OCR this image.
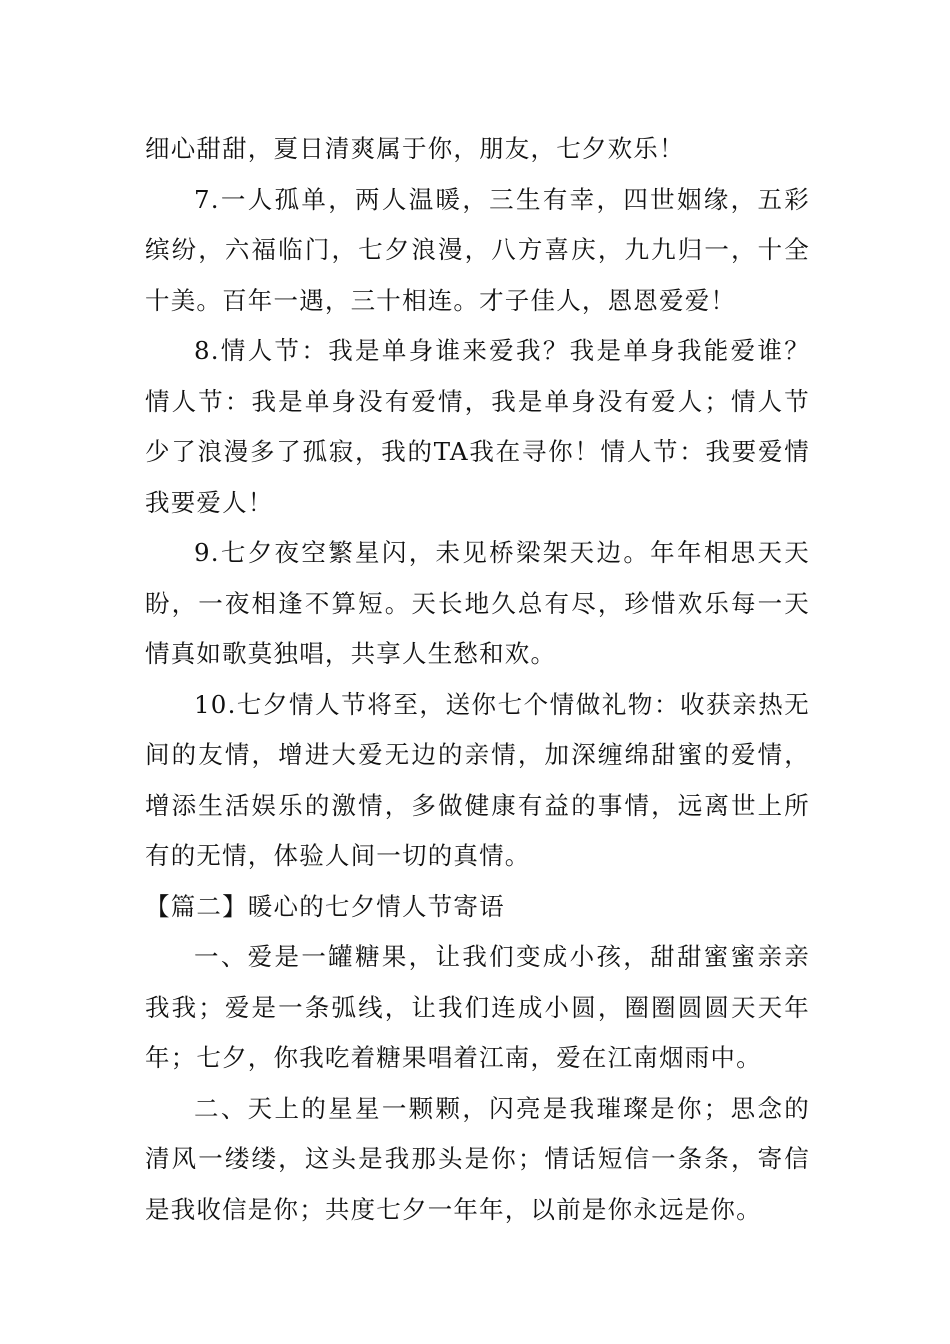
细心甜甜，夏日清爽属于你，朋友，七夕欢乐！

7.一人孤单，两人温暖，三生有幸，四世姻缘，五彩缤纷，六福临门，七夕浪漫，八方喜庆，九九归一，十全十美。百年一遇，三十相连。才子佳人，恩恩爱爱！

8.情人节：我是单身谁来爱我？我是单身我能爱谁？情人节：我是单身没有爱情，我是单身没有爱人；情人节少了浪漫多了孤寂，我的TA我在寻你！情人节：我要爱情我要爱人！

9.七夕夜空繁星闪，未见桥梁架天边。年年相思天天盼，一夜相逢不算短。天长地久总有尽，珍惜欢乐每一天情真如歌莫独唱，共享人生愁和欢。

10.七夕情人节将至，送你七个情做礼物：收获亲热无间的友情，增进大爱无边的亲情，加深缠绵甜蜜的爱情，增添生活娱乐的激情，多做健康有益的事情，远离世上所有的无情，体验人间一切的真情。

【篇二】暖心的七夕情人节寄语

一、爱是一罐糖果，让我们变成小孩，甜甜蜜蜜亲亲我我；爱是一条弧线，让我们连成小圆，圈圈圆圆天天年年；七夕，你我吃着糖果唱着江南，爱在江南烟雨中。

二、天上的星星一颗颗，闪亮是我璀璨是你；思念的清风一缕缕，这头是我那头是你；情话短信一条条，寄信是我收信是你；共度七夕一年年，以前是你永远是你。
